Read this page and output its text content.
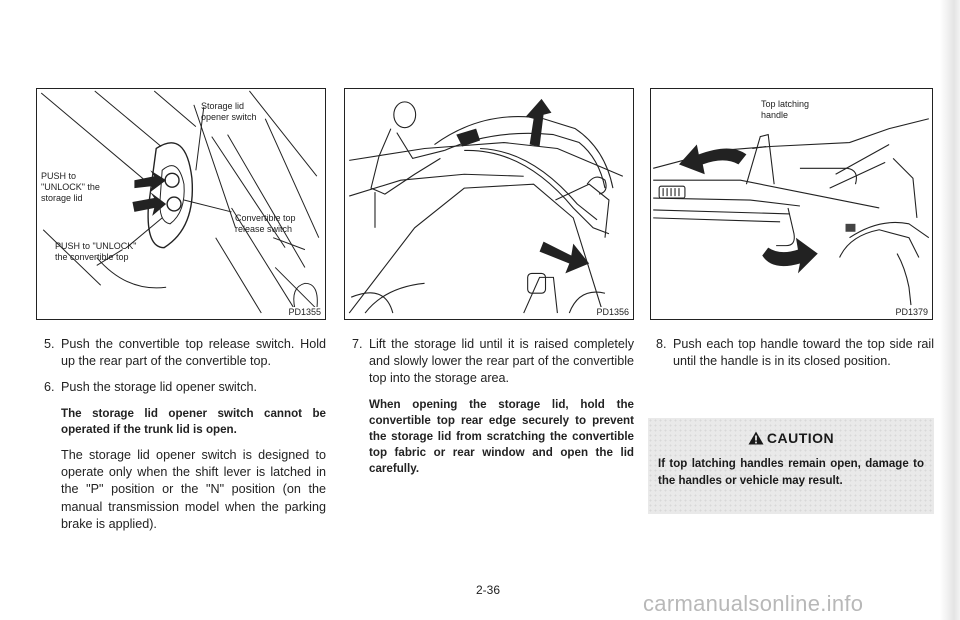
Storage lid
opener switch
PUSH to
"UNLOCK" the
storage lid
PUSH to "UNLOCK"
the convertible top
Convertible top
release switch
PD1355	PD1356
Top latching
handle
PD1379
5. Push the convertible top release switch. Hold up the rear part of the convertible top.
6. Push the storage lid opener switch.
The storage lid opener switch cannot be operated if the trunk lid is open.
The storage lid opener switch is designed to operate only when the shift lever is latched in the "P" position or the "N" position (on the manual transmission model when the parking brake is applied).
7. Lift the storage lid until it is raised completely and slowly lower the rear part of the convertible top into the storage area.
When opening the storage lid, hold the convertible top rear edge securely to prevent the storage lid from scratching the convertible top fabric or rear window and open the lid carefully.
8. Push each top handle toward the top side rail until the handle is in its closed position.
CAUTION
If top latching handles remain open, damage to the handles or vehicle may result.
2-36
carmanualsonline.info
